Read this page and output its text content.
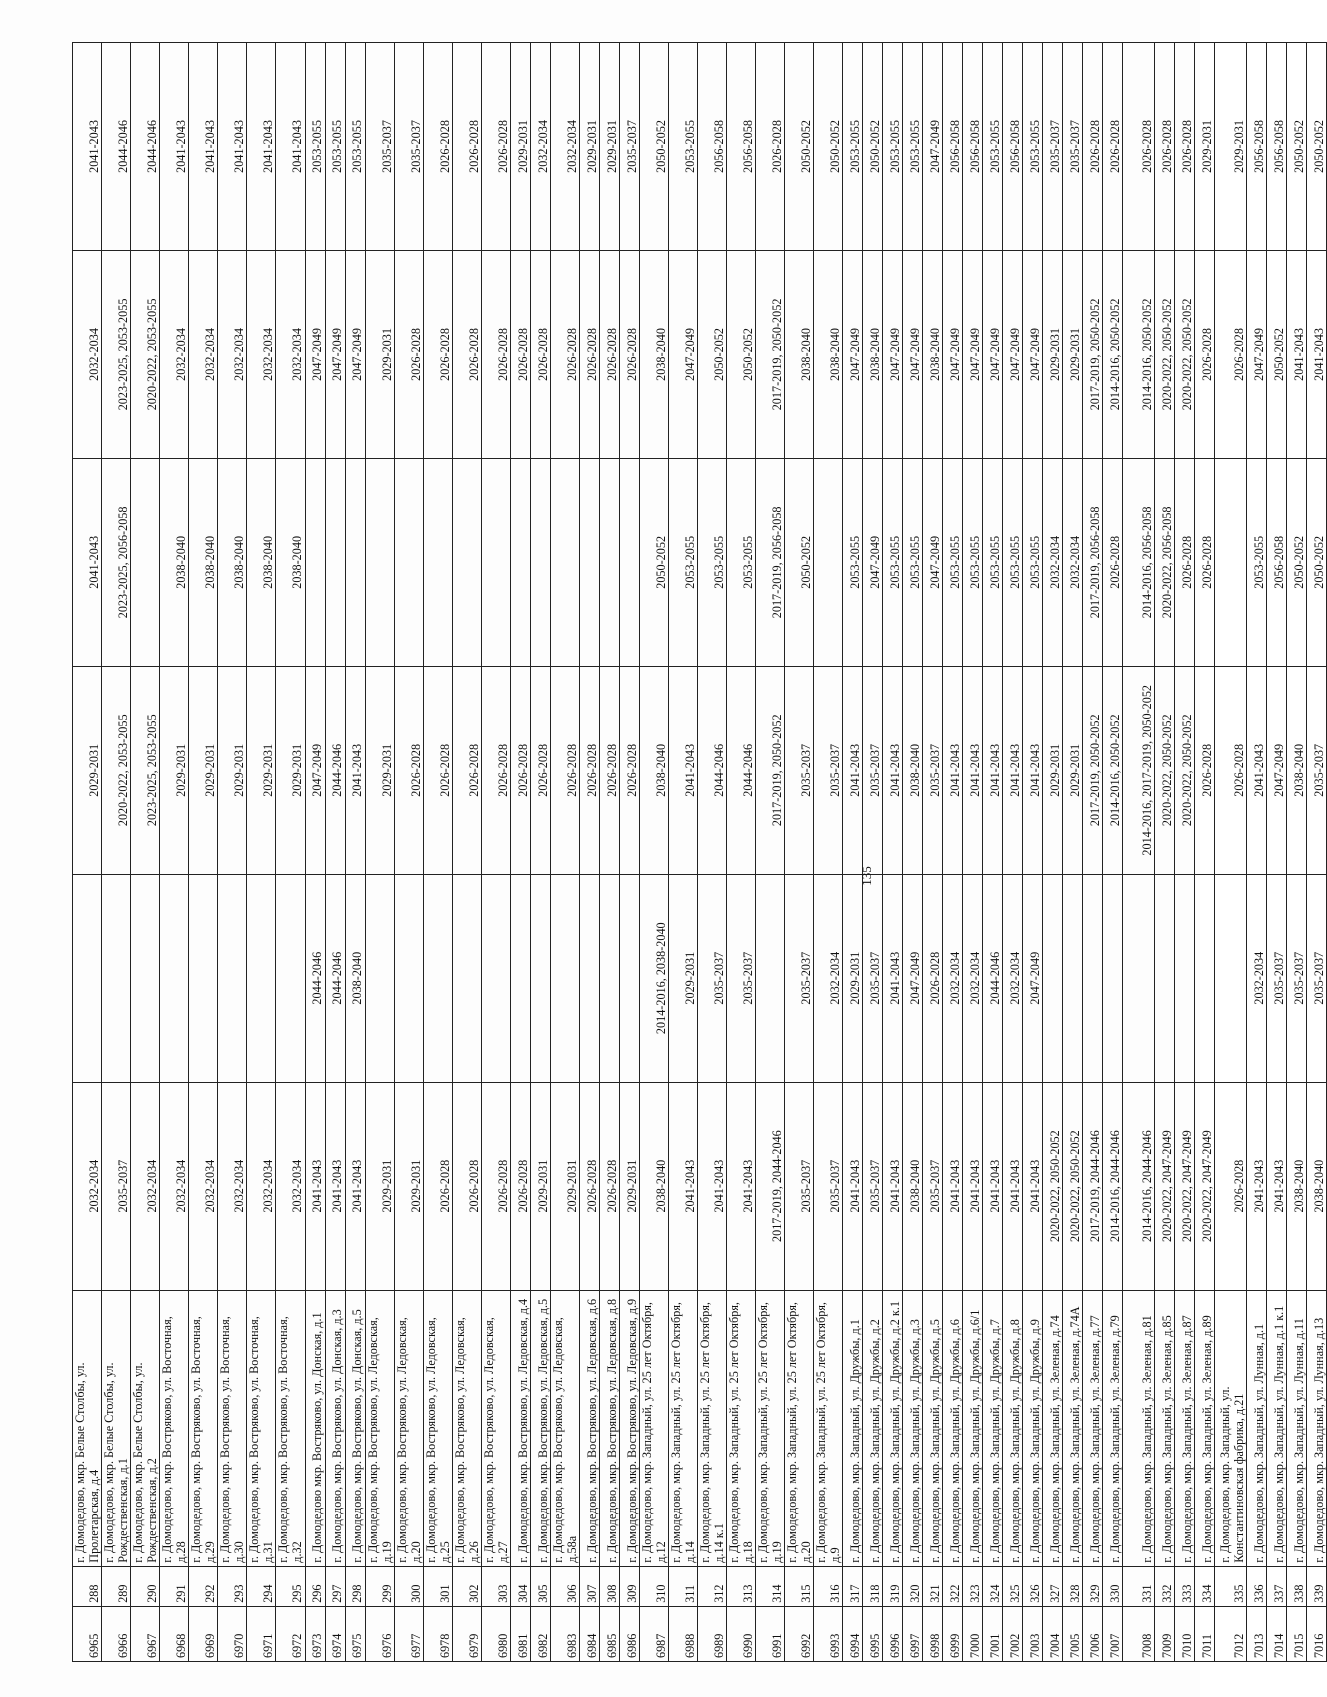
6965	288	г. Домодедово, мкр. Белые Столбы, ул. Пролетарская, д.4	2032-2034		2029-2031	2041-2043	2032-2034	2041-2043
6966	289	г. Домодедово, мкр. Белые Столбы, ул. Рождественская, д.1	2035-2037		2020-2022, 2053-2055	2023-2025, 2056-2058	2023-2025, 2053-2055	2044-2046
6967	290	г. Домодедово, мкр. Белые Столбы, ул. Рождественская, д.2	2032-2034		2023-2025, 2053-2055		2020-2022, 2053-2055	2044-2046
6968	291	г. Домодедово, мкр. Востряково, ул. Восточная, д.28	2032-2034		2029-2031	2038-2040	2032-2034	2041-2043
6969	292	г. Домодедово, мкр. Востряково, ул. Восточная, д.29	2032-2034		2029-2031	2038-2040	2032-2034	2041-2043
6970	293	г. Домодедово, мкр. Востряково, ул. Восточная, д.30	2032-2034		2029-2031	2038-2040	2032-2034	2041-2043
6971	294	г. Домодедово, мкр. Востряково, ул. Восточная, д.31	2032-2034		2029-2031	2038-2040	2032-2034	2041-2043
6972	295	г. Домодедово, мкр. Востряково, ул. Восточная, д.32	2032-2034		2029-2031	2038-2040	2032-2034	2041-2043
6973	296	г. Домодедово мкр. Востряково, ул. Донская, д.1	2041-2043	2044-2046	2047-2049		2047-2049	2053-2055
6974	297	г. Домодедово, мкр. Востряково, ул. Донская, д.3	2041-2043	2044-2046	2044-2046		2047-2049	2053-2055
6975	298	г. Домодедово, мкр. Востряково, ул. Донская, д.5	2041-2043	2038-2040	2041-2043		2047-2049	2053-2055
6976	299	г. Домодедово, мкр. Востряково, ул. Ледовская, д.19	2029-2031		2029-2031		2029-2031	2035-2037
6977	300	г. Домодедово, мкр. Востряково, ул. Ледовская, д.20	2029-2031		2026-2028		2026-2028	2035-2037
6978	301	г. Домодедово, мкр. Востряково, ул. Ледовская, д.25	2026-2028		2026-2028		2026-2028	2026-2028
6979	302	г. Домодедово, мкр. Востряково, ул. Ледовская, д.26	2026-2028		2026-2028		2026-2028	2026-2028
6980	303	г. Домодедово, мкр. Востряково, ул. Ледовская, д.27	2026-2028		2026-2028		2026-2028	2026-2028
6981	304	г. Домодедово, мкр. Востряково, ул. Ледовская, д.4	2026-2028		2026-2028		2026-2028	2029-2031
6982	305	г. Домодедово, мкр. Востряково, ул. Ледовская, д.5	2029-2031		2026-2028		2026-2028	2032-2034
6983	306	г. Домодедово, мкр. Востряково, ул. Ледовская, д.58а	2029-2031		2026-2028		2026-2028	2032-2034
6984	307	г. Домодедово, мкр. Востряково, ул. Ледовская, д.6	2026-2028		2026-2028		2026-2028	2029-2031
6985	308	г. Домодедово, мкр. Востряково, ул. Ледовская, д.8	2026-2028		2026-2028		2026-2028	2029-2031
6986	309	г. Домодедово, мкр. Востряково, ул. Ледовская, д.9	2029-2031		2026-2028		2026-2028	2035-2037
6987	310	г. Домодедово, мкр. Западный, ул. 25 лет Октября, д.12	2038-2040	2014-2016, 2038-2040	2038-2040	2050-2052	2038-2040	2050-2052
6988	311	г. Домодедово, мкр. Западный, ул. 25 лет Октября, д.14	2041-2043	2029-2031	2041-2043	2053-2055	2047-2049	2053-2055
6989	312	г. Домодедово, мкр. Западный, ул. 25 лет Октября, д.14 к.1	2041-2043	2035-2037	2044-2046	2053-2055	2050-2052	2056-2058
6990	313	г. Домодедово, мкр. Западный, ул. 25 лет Октября, д.18	2041-2043	2035-2037	2044-2046	2053-2055	2050-2052	2056-2058
6991	314	г. Домодедово, мкр. Западный, ул. 25 лет Октября, д.19	2017-2019, 2044-2046		2017-2019, 2050-2052	2017-2019, 2056-2058	2017-2019, 2050-2052	2026-2028
6992	315	г. Домодедово, мкр. Западный, ул. 25 лет Октября, д.20	2035-2037	2035-2037	2035-2037	2050-2052	2038-2040	2050-2052
6993	316	г. Домодедово, мкр. Западный, ул. 25 лет Октября, д.9	2035-2037	2032-2034	2035-2037		2038-2040	2050-2052
6994	317	г. Домодедово, мкр. Западный, ул. Дружбы, д.1	2041-2043	2029-2031	2041-2043	2053-2055	2047-2049	2053-2055
6995	318	г. Домодедово, мкр. Западный, ул. Дружбы, д.2	2035-2037	2035-2037	2035-2037	2047-2049	2038-2040	2050-2052
6996	319	г. Домодедово, мкр. Западный, ул. Дружбы, д.2 к.1	2041-2043	2041-2043	2041-2043	2053-2055	2047-2049	2053-2055
6997	320	г. Домодедово, мкр. Западный, ул. Дружбы, д.3	2038-2040	2047-2049	2038-2040	2053-2055	2047-2049	2053-2055
6998	321	г. Домодедово, мкр. Западный, ул. Дружбы, д.5	2035-2037	2026-2028	2035-2037	2047-2049	2038-2040	2047-2049
6999	322	г. Домодедово, мкр. Западный, ул. Дружбы, д.6	2041-2043	2032-2034	2041-2043	2053-2055	2047-2049	2056-2058
7000	323	г. Домодедово, мкр. Западный, ул. Дружбы, д.6/1	2041-2043	2032-2034	2041-2043	2053-2055	2047-2049	2056-2058
7001	324	г. Домодедово, мкр. Западный, ул. Дружбы, д.7	2041-2043	2044-2046	2041-2043	2053-2055	2047-2049	2053-2055
7002	325	г. Домодедово, мкр. Западный, ул. Дружбы, д.8	2041-2043	2032-2034	2041-2043	2053-2055	2047-2049	2056-2058
7003	326	г. Домодедово, мкр. Западный, ул. Дружбы, д.9	2041-2043	2047-2049	2041-2043	2053-2055	2047-2049	2053-2055
7004	327	г. Домодедово, мкр. Западный, ул. Зеленая, д.74	2020-2022, 2050-2052		2029-2031	2032-2034	2029-2031	2035-2037
7005	328	г. Домодедово, мкр. Западный, ул. Зеленая, д.74А	2020-2022, 2050-2052		2029-2031	2032-2034	2029-2031	2035-2037
7006	329	г. Домодедово, мкр. Западный, ул. Зеленая, д.77	2017-2019, 2044-2046		2017-2019, 2050-2052	2017-2019, 2056-2058	2017-2019, 2050-2052	2026-2028
7007	330	г. Домодедово, мкр. Западный, ул. Зеленая, д.79	2014-2016, 2044-2046		2014-2016, 2050-2052	2026-2028	2014-2016, 2050-2052	2026-2028
7008	331	г. Домодедово, мкр. Западный, ул. Зеленая, д.81	2014-2016, 2044-2046		2014-2016, 2017-2019, 2050-2052	2014-2016, 2056-2058	2014-2016, 2050-2052	2026-2028
7009	332	г. Домодедово, мкр. Западный, ул. Зеленая, д.85	2020-2022, 2047-2049		2020-2022, 2050-2052	2020-2022, 2056-2058	2020-2022, 2050-2052	2026-2028
7010	333	г. Домодедово, мкр. Западный, ул. Зеленая, д.87	2020-2022, 2047-2049		2020-2022, 2050-2052	2026-2028	2020-2022, 2050-2052	2026-2028
7011	334	г. Домодедово, мкр. Западный, ул. Зеленая, д.89	2020-2022, 2047-2049		2026-2028	2026-2028	2026-2028	2029-2031
7012	335	г. Домодедово, мкр. Западный, ул. Константиновская фабрика, д.21	2026-2028		2026-2028		2026-2028	2029-2031
7013	336	г. Домодедово, мкр. Западный, ул. Лунная, д.1	2041-2043	2032-2034	2041-2043	2053-2055	2047-2049	2056-2058
7014	337	г. Домодедово, мкр. Западный, ул. Лунная, д.1 к.1	2041-2043	2035-2037	2047-2049	2056-2058	2050-2052	2056-2058
7015	338	г. Домодедово, мкр. Западный, ул. Лунная, д.11	2038-2040	2035-2037	2038-2040	2050-2052	2041-2043	2050-2052
7016	339	г. Домодедово, мкр. Западный, ул. Лунная, д.13	2038-2040	2035-2037	2035-2037	2050-2052	2041-2043	2050-2052
135
